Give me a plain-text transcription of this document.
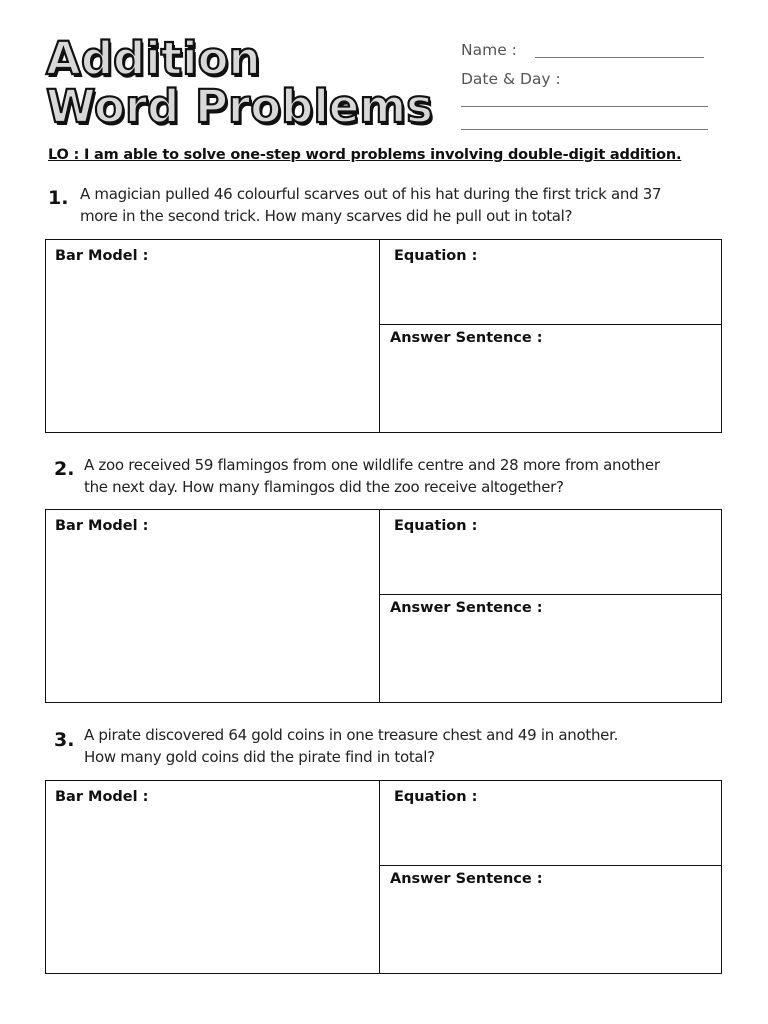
Addition
Word Problems
Name :
Date & Day :
LO : I am able to solve one-step word problems involving double-digit addition.
1. A magician pulled 46 colourful scarves out of his hat during the first trick and 37
more in the second trick. How many scarves did he pull out in total?
Bar Model :	Equation :
Answer Sentence :
2. A zoo received 59 flamingos from one wildlife centre and 28 more from another
the next day. How many flamingos did the zoo receive altogether?
Bar Model :	Equation :
Answer Sentence :
3. A pirate discovered 64 gold coins in one treasure chest and 49 in another.
How many gold coins did the pirate find in total?
Bar Model :	Equation :
Answer Sentence :
